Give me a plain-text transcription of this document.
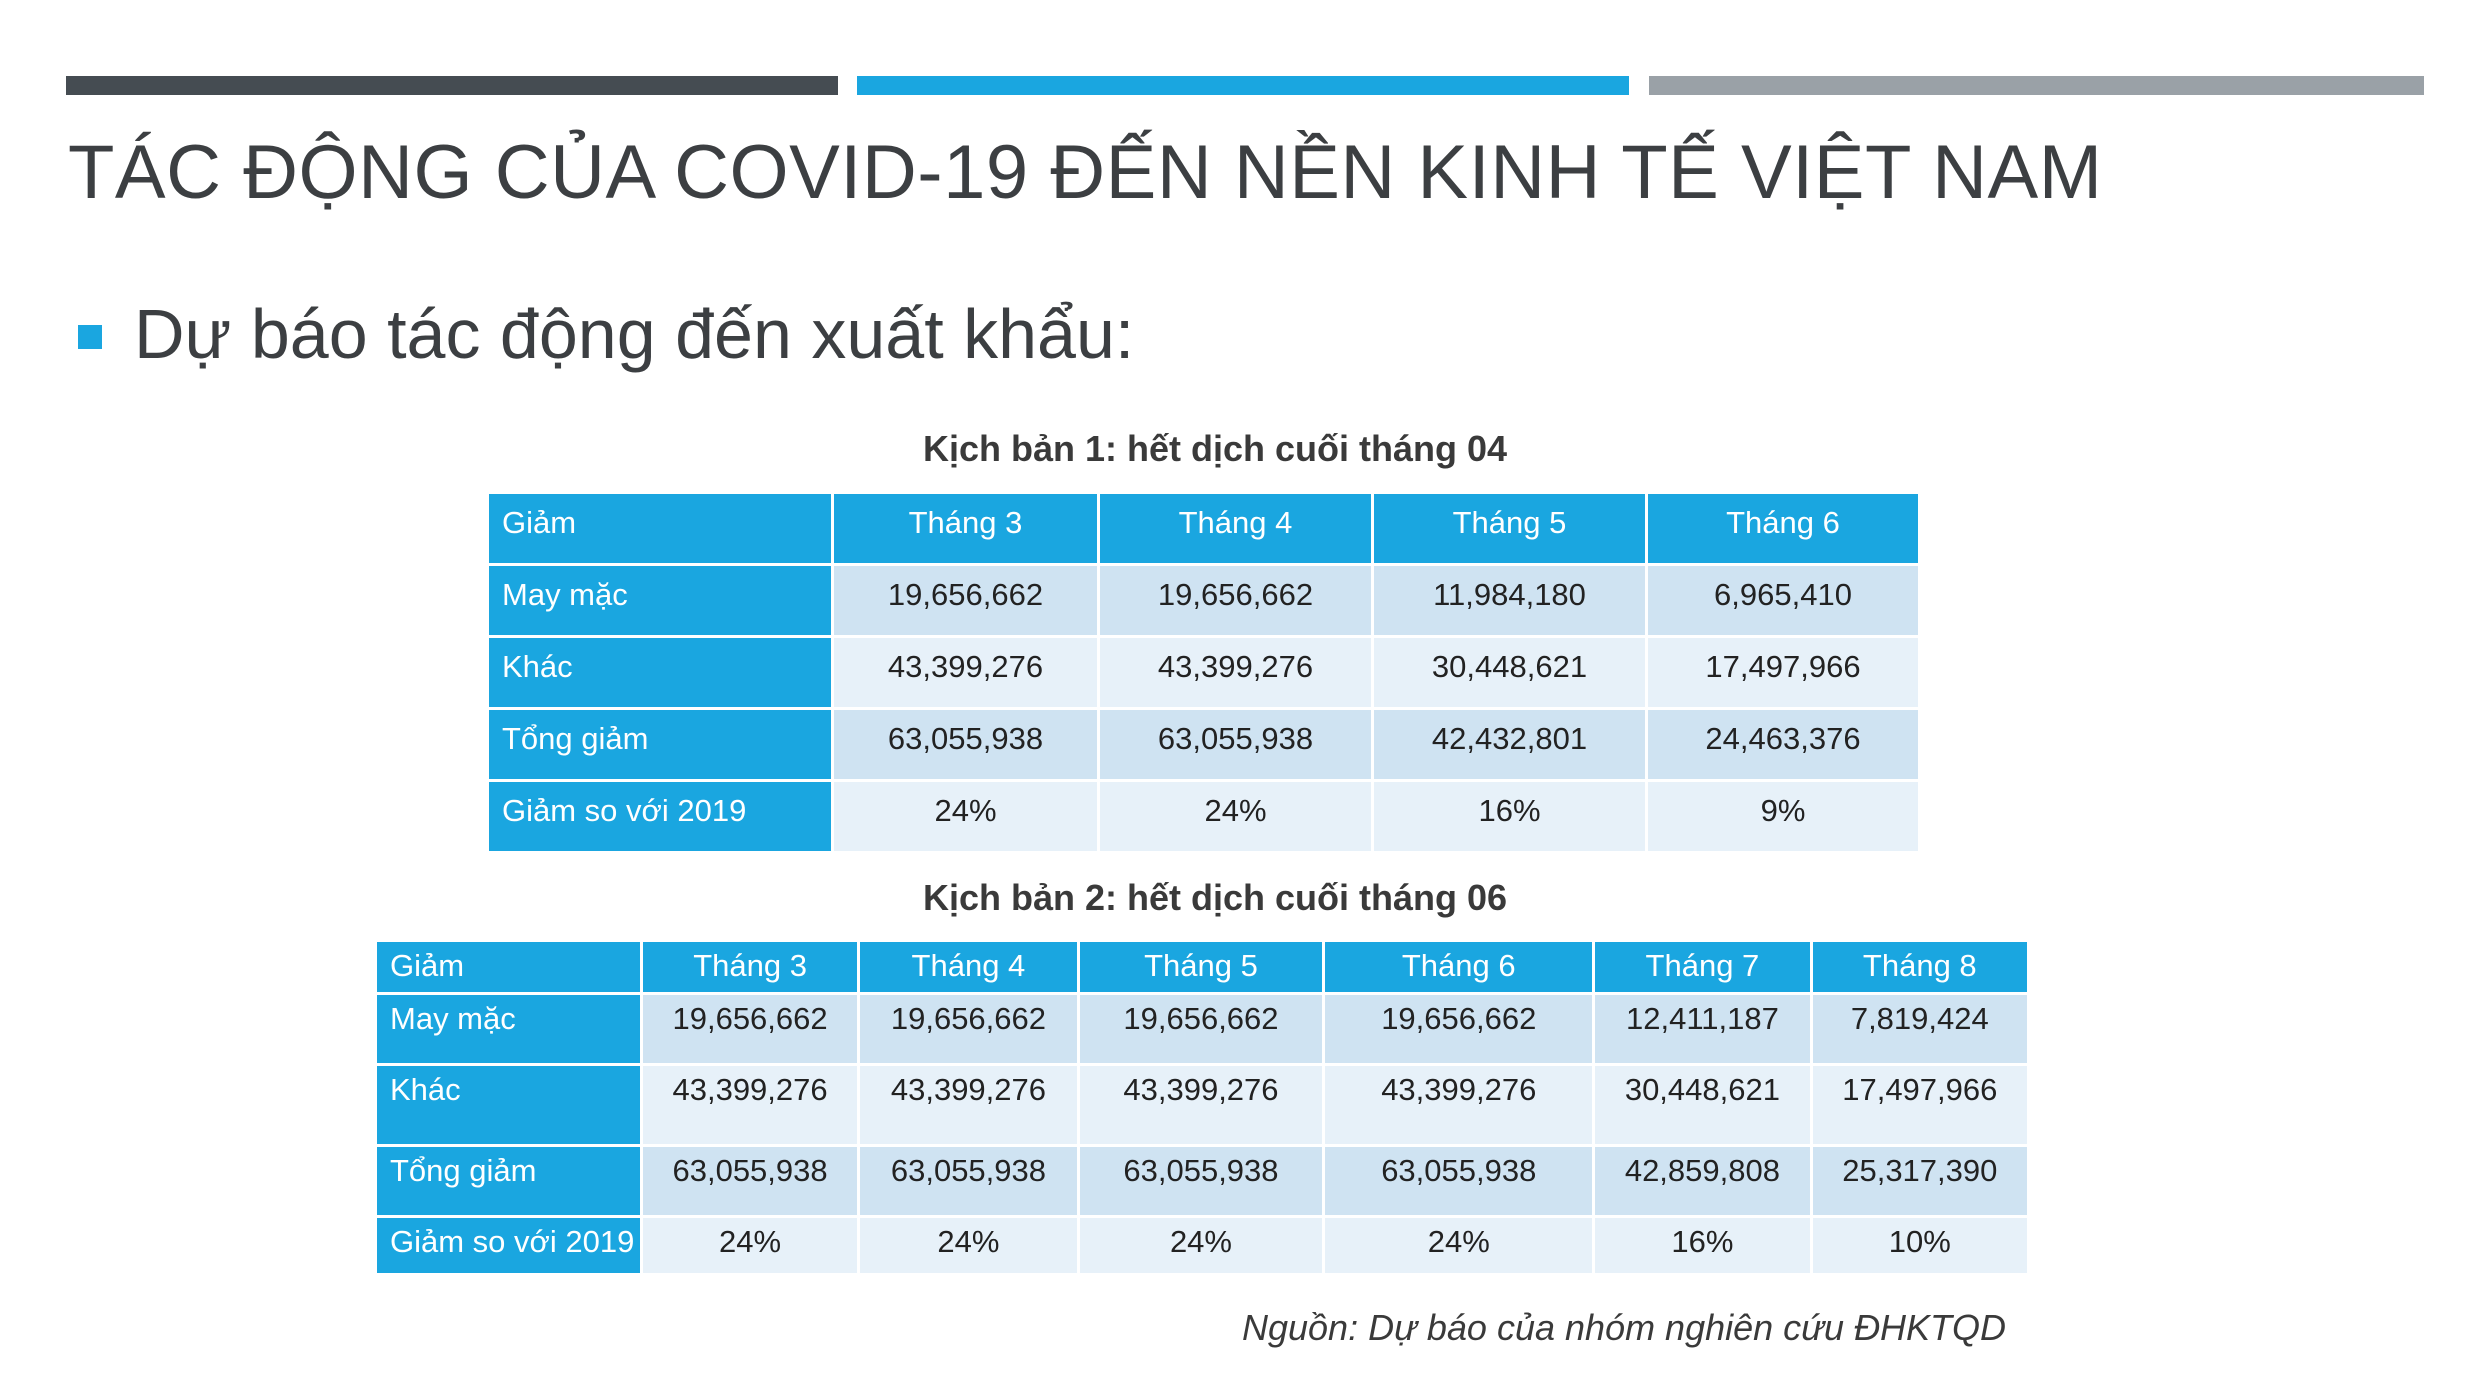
TÁC ĐỘNG CỦA COVID-19 ĐẾN NỀN KINH TẾ VIỆT NAM
Dự báo tác động đến xuất khẩu:
Kịch bản 1: hết dịch cuối tháng 04
Giảm	Tháng 3	Tháng 4	Tháng 5	Tháng 6
May mặc	19,656,662	19,656,662	11,984,180	6,965,410
Khác	43,399,276	43,399,276	30,448,621	17,497,966
Tổng giảm	63,055,938	63,055,938	42,432,801	24,463,376
Giảm so với 2019	24%	24%	16%	9%
Kịch bản 2: hết dịch cuối tháng 06
Giảm	Tháng 3	Tháng 4	Tháng 5	Tháng 6	Tháng 7	Tháng 8
May mặc	19,656,662	19,656,662	19,656,662	19,656,662	12,411,187	7,819,424
Khác	43,399,276	43,399,276	43,399,276	43,399,276	30,448,621	17,497,966
Tổng giảm	63,055,938	63,055,938	63,055,938	63,055,938	42,859,808	25,317,390
Giảm so với 2019	24%	24%	24%	24%	16%	10%
Nguồn: Dự báo của nhóm nghiên cứu ĐHKTQD
